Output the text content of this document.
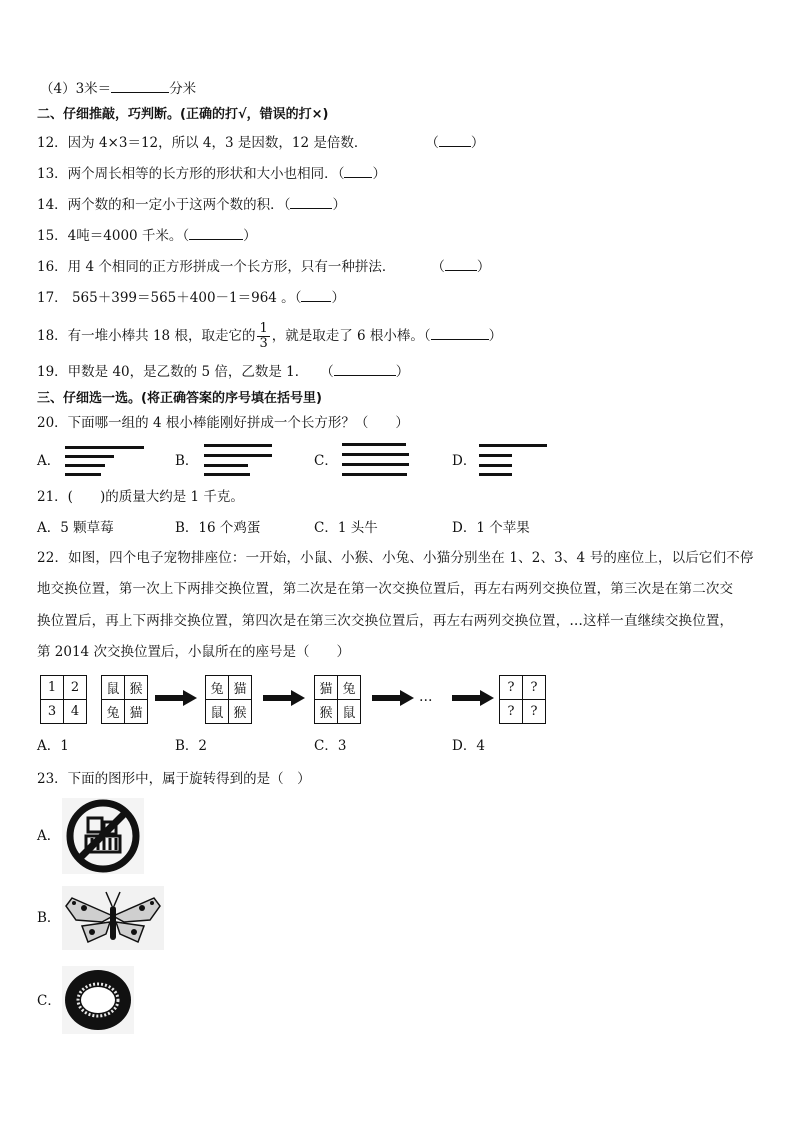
（4）3米＝	分米
二、仔细推敲，巧判断。(正确的打√，错误的打×)
12．因为 4×3＝12，所以 4，3 是因数，12 是倍数．	（ ）
13．两个周长相等的长方形的形状和大小也相同．（ ）
14．两个数的和一定小于这两个数的积．（	）
15．4吨＝4000 千米。（	）
16．用 4 个相同的正方形拼成一个长方形，只有一种拼法．	（ ）
17． 565＋399＝565＋400－1＝964 。（ ）
18．有一堆小棒共 18 根，取走它的 $\frac{1}{3}$ ，就是取走了 6 根小棒。（	）
19．甲数是 40，是乙数的 5 倍，乙数是 1． （	）
三、仔细选一选。(将正确答案的序号填在括号里)
20．下面哪一组的 4 根小棒能刚好拼成一个长方形？（　　）
A．	B．	C．	D．
21．(　　)的质量大约是 1 千克。
A．5 颗草莓	B．16 个鸡蛋	C．1 头牛	D．1 个苹果
22．如图，四个电子宠物排座位：一开始，小鼠、小猴、小兔、小猫分别坐在 1、2、3、4 号的座位上，以后它们不停
地交换位置，第一次上下两排交换位置，第二次是在第一次交换位置后，再左右两列交换位置，第三次是在第二次交
换位置后，再上下两排交换位置，第四次是在第三次交换位置后，再左右两列交换位置，…这样一直继续交换位置，
第 2014 次交换位置后，小鼠所在的座号是（　　）
1	2
3	4
鼠	猴
兔	猫
兔	猫
鼠	猴
猫	兔
猴	鼠
…
?	?
?	?
A．1	B．2	C．3	D．4
23．下面的图形中，属于旋转得到的是（　）
A．
B．
C．
